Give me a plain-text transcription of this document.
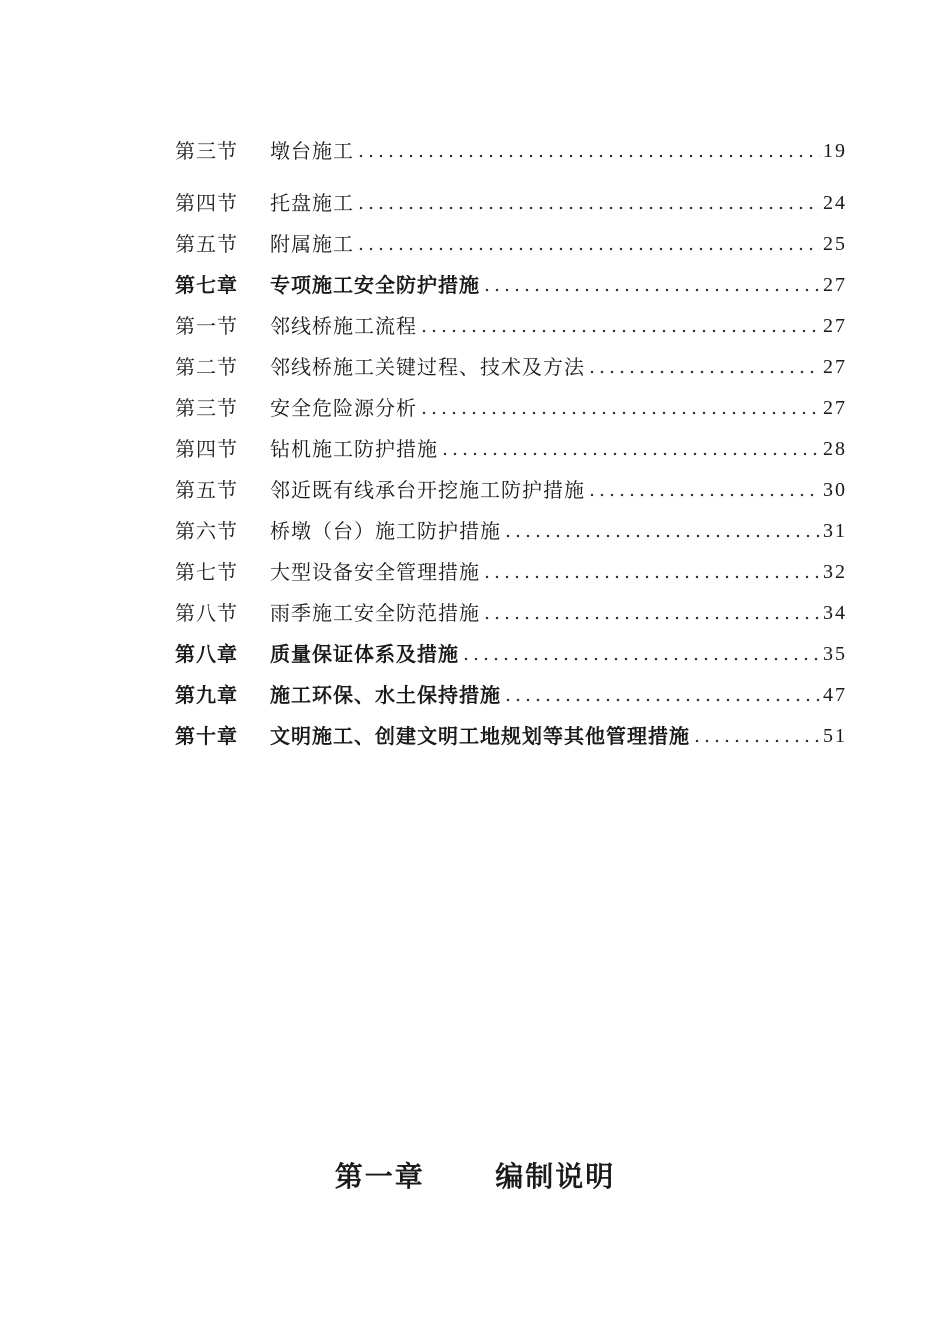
第三节	墩台施工	19
第四节	托盘施工	24
第五节	附属施工	25
第七章	专项施工安全防护措施	27
第一节	邻线桥施工流程	27
第二节	邻线桥施工关键过程、技术及方法	27
第三节	安全危险源分析	27
第四节	钻机施工防护措施	28
第五节	邻近既有线承台开挖施工防护措施	30
第六节	桥墩（台）施工防护措施	31
第七节	大型设备安全管理措施	32
第八节	雨季施工安全防范措施	34
第八章	质量保证体系及措施	35
第九章	施工环保、水土保持措施	47
第十章	文明施工、创建文明工地规划等其他管理措施	51
第一章	编制说明
